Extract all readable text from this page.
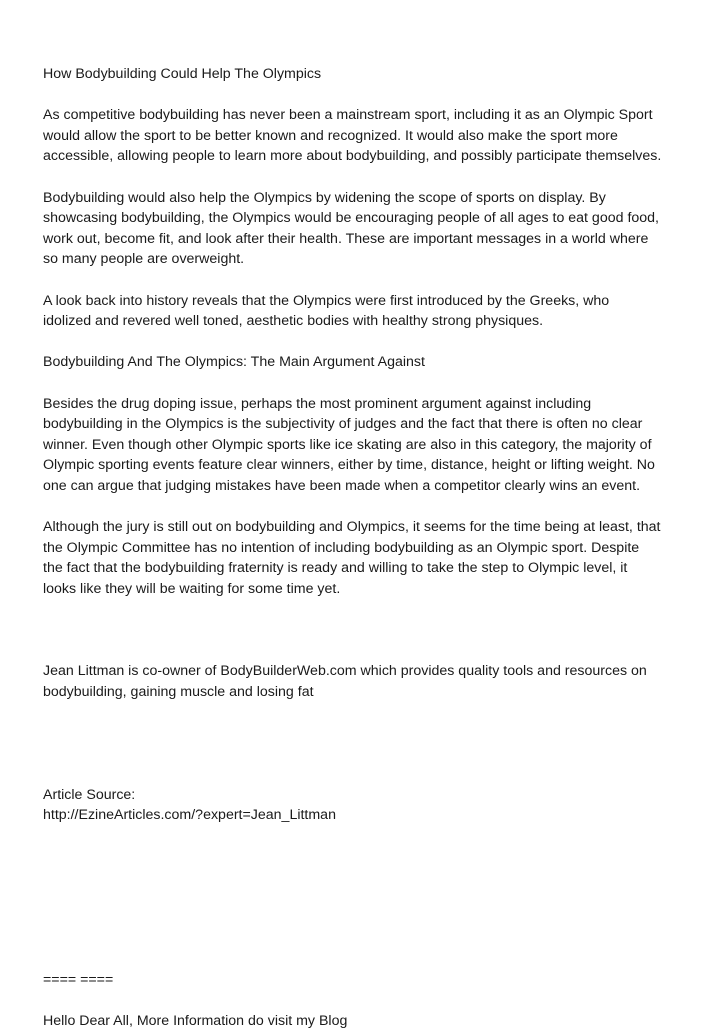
How Bodybuilding Could Help The Olympics
As competitive bodybuilding has never been a mainstream sport, including it as an Olympic Sport
would allow the sport to be better known and recognized. It would also make the sport more
accessible, allowing people to learn more about bodybuilding, and possibly participate themselves.
Bodybuilding would also help the Olympics by widening the scope of sports on display. By
showcasing bodybuilding, the Olympics would be encouraging people of all ages to eat good food,
work out, become fit, and look after their health. These are important messages in a world where
so many people are overweight.
A look back into history reveals that the Olympics were first introduced by the Greeks, who
idolized and revered well toned, aesthetic bodies with healthy strong physiques.
Bodybuilding And The Olympics: The Main Argument Against
Besides the drug doping issue, perhaps the most prominent argument against including
bodybuilding in the Olympics is the subjectivity of judges and the fact that there is often no clear
winner. Even though other Olympic sports like ice skating are also in this category, the majority of
Olympic sporting events feature clear winners, either by time, distance, height or lifting weight. No
one can argue that judging mistakes have been made when a competitor clearly wins an event.
Although the jury is still out on bodybuilding and Olympics, it seems for the time being at least, that
the Olympic Committee has no intention of including bodybuilding as an Olympic sport. Despite
the fact that the bodybuilding fraternity is ready and willing to take the step to Olympic level, it
looks like they will be waiting for some time yet.
Jean Littman is co-owner of BodyBuilderWeb.com which provides quality tools and resources on
bodybuilding, gaining muscle and losing fat
Article Source:
http://EzineArticles.com/?expert=Jean_Littman
==== ====
Hello Dear All, More Information do visit my Blog
